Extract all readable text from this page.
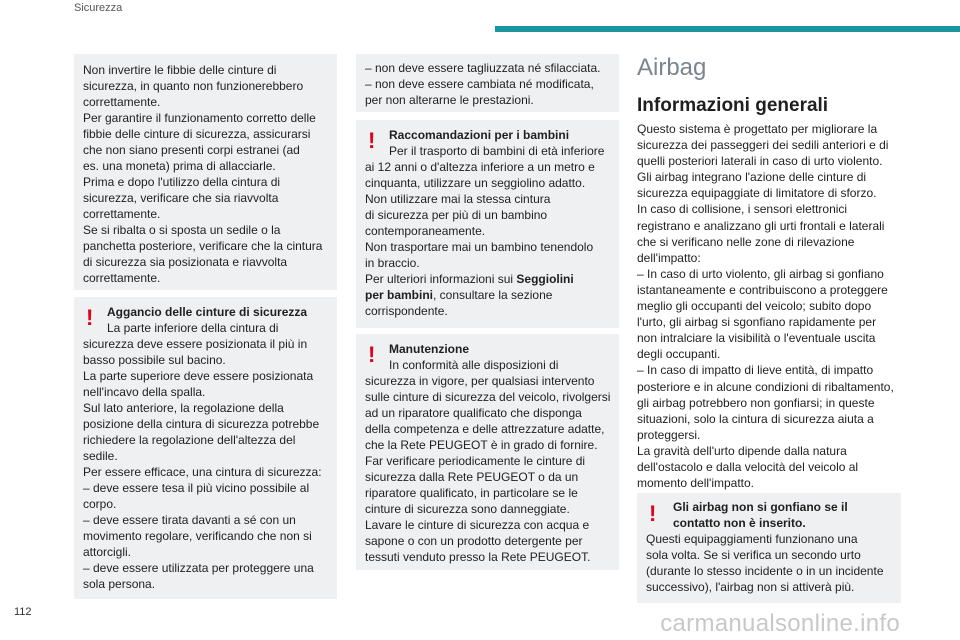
Sicurezza

Non invertire le fibbie delle cinture di
sicurezza, in quanto non funzionerebbero
correttamente.
Per garantire il funzionamento corretto delle
fibbie delle cinture di sicurezza, assicurarsi
che non siano presenti corpi estranei (ad
es. una moneta) prima di allacciarle.
Prima e dopo l'utilizzo della cintura di
sicurezza, verificare che sia riavvolta
correttamente.
Se si ribalta o si sposta un sedile o la
panchetta posteriore, verificare che la cintura
di sicurezza sia posizionata e riavvolta
correttamente.

!	Aggancio delle cinture di sicurezza

La parte inferiore della cintura di
sicurezza deve essere posizionata il più in
basso possibile sul bacino.
La parte superiore deve essere posizionata
nell'incavo della spalla.
Sul lato anteriore, la regolazione della
posizione della cintura di sicurezza potrebbe
richiedere la regolazione dell'altezza del
sedile.
Per essere efficace, una cintura di sicurezza:
– deve essere tesa il più vicino possibile al
corpo.
– deve essere tirata davanti a sé con un
movimento regolare, verificando che non si
attorcigli.
– deve essere utilizzata per proteggere una
sola persona.

– non deve essere tagliuzzata né sfilacciata.
– non deve essere cambiata né modificata,
per non alterarne le prestazioni.

!	Raccomandazioni per i bambini

Per il trasporto di bambini di età inferiore
ai 12 anni o d'altezza inferiore a un metro e
cinquanta, utilizzare un seggiolino adatto.
Non utilizzare mai la stessa cintura
di sicurezza per più di un bambino
contemporaneamente.
Non trasportare mai un bambino tenendolo
in braccio.
Per ulteriori informazioni sui Seggiolini
per bambini, consultare la sezione
corrispondente.

!	Manutenzione

In conformità alle disposizioni di
sicurezza in vigore, per qualsiasi intervento
sulle cinture di sicurezza del veicolo, rivolgersi
ad un riparatore qualificato che disponga
della competenza e delle attrezzature adatte,
che la Rete PEUGEOT è in grado di fornire.
Far verificare periodicamente le cinture di
sicurezza dalla Rete PEUGEOT o da un
riparatore qualificato, in particolare se le
cinture di sicurezza sono danneggiate.
Lavare le cinture di sicurezza con acqua e
sapone o con un prodotto detergente per
tessuti venduto presso la Rete PEUGEOT.

Airbag
Informazioni generali
Questo sistema è progettato per migliorare la
sicurezza dei passeggeri dei sedili anteriori e di
quelli posteriori laterali in caso di urto violento.
Gli airbag integrano l'azione delle cinture di
sicurezza equipaggiate di limitatore di sforzo.
In caso di collisione, i sensori elettronici
registrano e analizzano gli urti frontali e laterali
che si verificano nelle zone di rilevazione
dell'impatto:
– In caso di urto violento, gli airbag si gonfiano
istantaneamente e contribuiscono a proteggere
meglio gli occupanti del veicolo; subito dopo
l'urto, gli airbag si sgonfiano rapidamente per
non intralciare la visibilità o l'eventuale uscita
degli occupanti.
– In caso di impatto di lieve entità, di impatto
posteriore e in alcune condizioni di ribaltamento,
gli airbag potrebbero non gonfiarsi; in queste
situazioni, solo la cintura di sicurezza aiuta a
proteggersi.
La gravità dell'urto dipende dalla natura
dell'ostacolo e dalla velocità del veicolo al
momento dell'impatto.
!	Gli airbag non si gonfiano se il
contatto non è inserito.

Questi equipaggiamenti funzionano una
sola volta. Se si verifica un secondo urto
(durante lo stesso incidente o in un incidente
successivo), l'airbag non si attiverà più.

112	carmanualsonline.info
